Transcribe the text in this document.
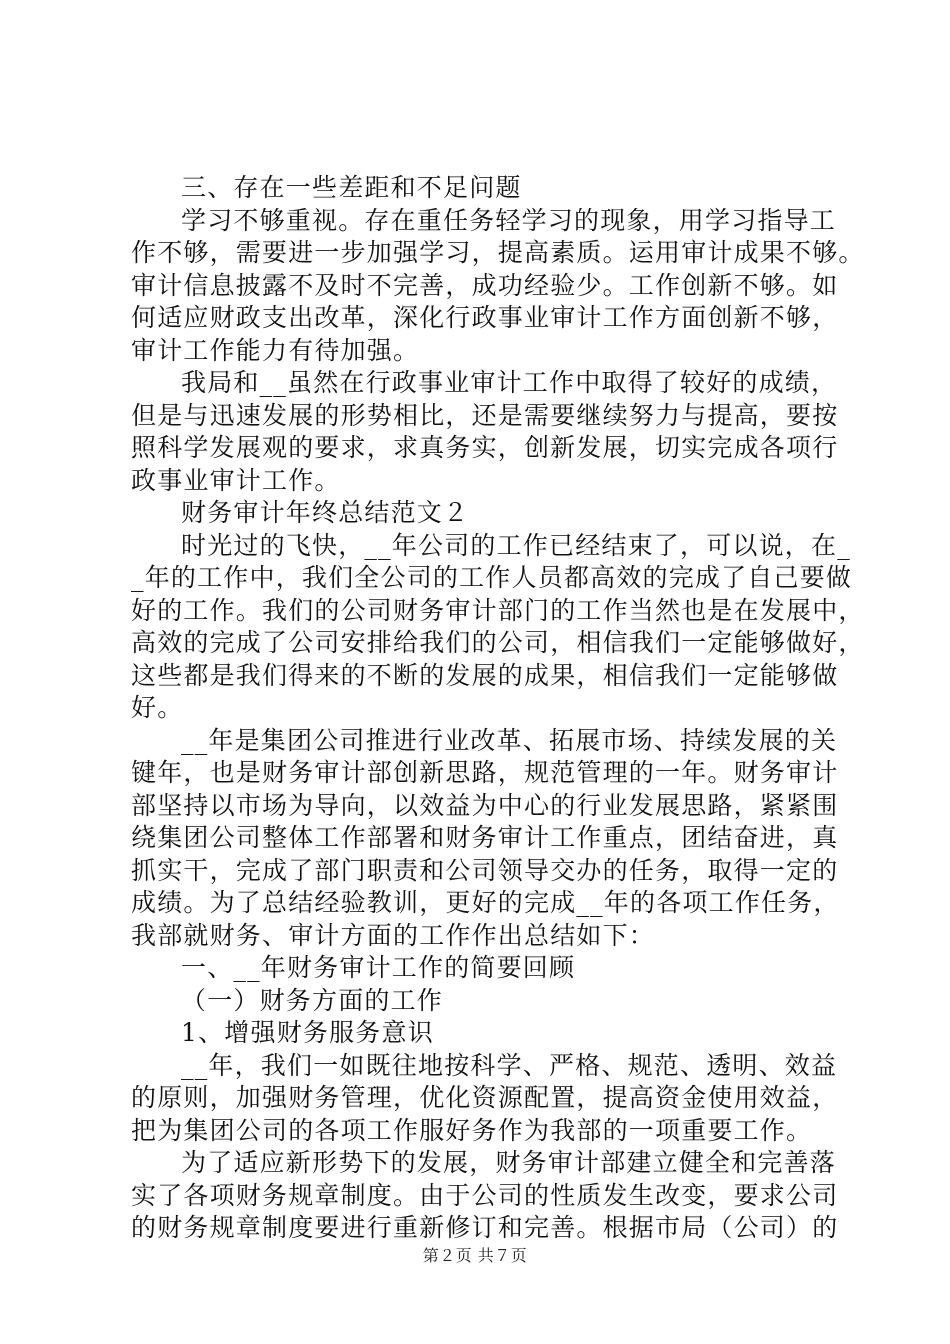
三、存在一些差距和不足问题
学习不够重视。存在重任务轻学习的现象，用学习指导工
作不够，需要进一步加强学习，提高素质。运用审计成果不够。
审计信息披露不及时不完善，成功经验少。工作创新不够。如
何适应财政支出改革，深化行政事业审计工作方面创新不够，
审计工作能力有待加强。
我局和__虽然在行政事业审计工作中取得了较好的成绩，
但是与迅速发展的形势相比，还是需要继续努力与提高，要按
照科学发展观的要求，求真务实，创新发展，切实完成各项行
政事业审计工作。
财务审计年终总结范文２
时光过的飞快，__年公司的工作已经结束了，可以说，在_
_年的工作中，我们全公司的工作人员都高效的完成了自己要做
好的工作。我们的公司财务审计部门的工作当然也是在发展中，
高效的完成了公司安排给我们的公司，相信我们一定能够做好，
这些都是我们得来的不断的发展的成果，相信我们一定能够做
好。
__年是集团公司推进行业改革、拓展市场、持续发展的关
键年，也是财务审计部创新思路，规范管理的一年。财务审计
部坚持以市场为导向，以效益为中心的行业发展思路，紧紧围
绕集团公司整体工作部署和财务审计工作重点，团结奋进，真
抓实干，完成了部门职责和公司领导交办的任务，取得一定的
成绩。为了总结经验教训，更好的完成__年的各项工作任务，
我部就财务、审计方面的工作作出总结如下：
一、__年财务审计工作的简要回顾
（一）财务方面的工作
1、增强财务服务意识
__年，我们一如既往地按科学、严格、规范、透明、效益
的原则，加强财务管理，优化资源配置，提高资金使用效益，
把为集团公司的各项工作服好务作为我部的一项重要工作。
为了适应新形势下的发展，财务审计部建立健全和完善落
实了各项财务规章制度。由于公司的性质发生改变，要求公司
的财务规章制度要进行重新修订和完善。根据市局（公司）的
第２页 共７页
